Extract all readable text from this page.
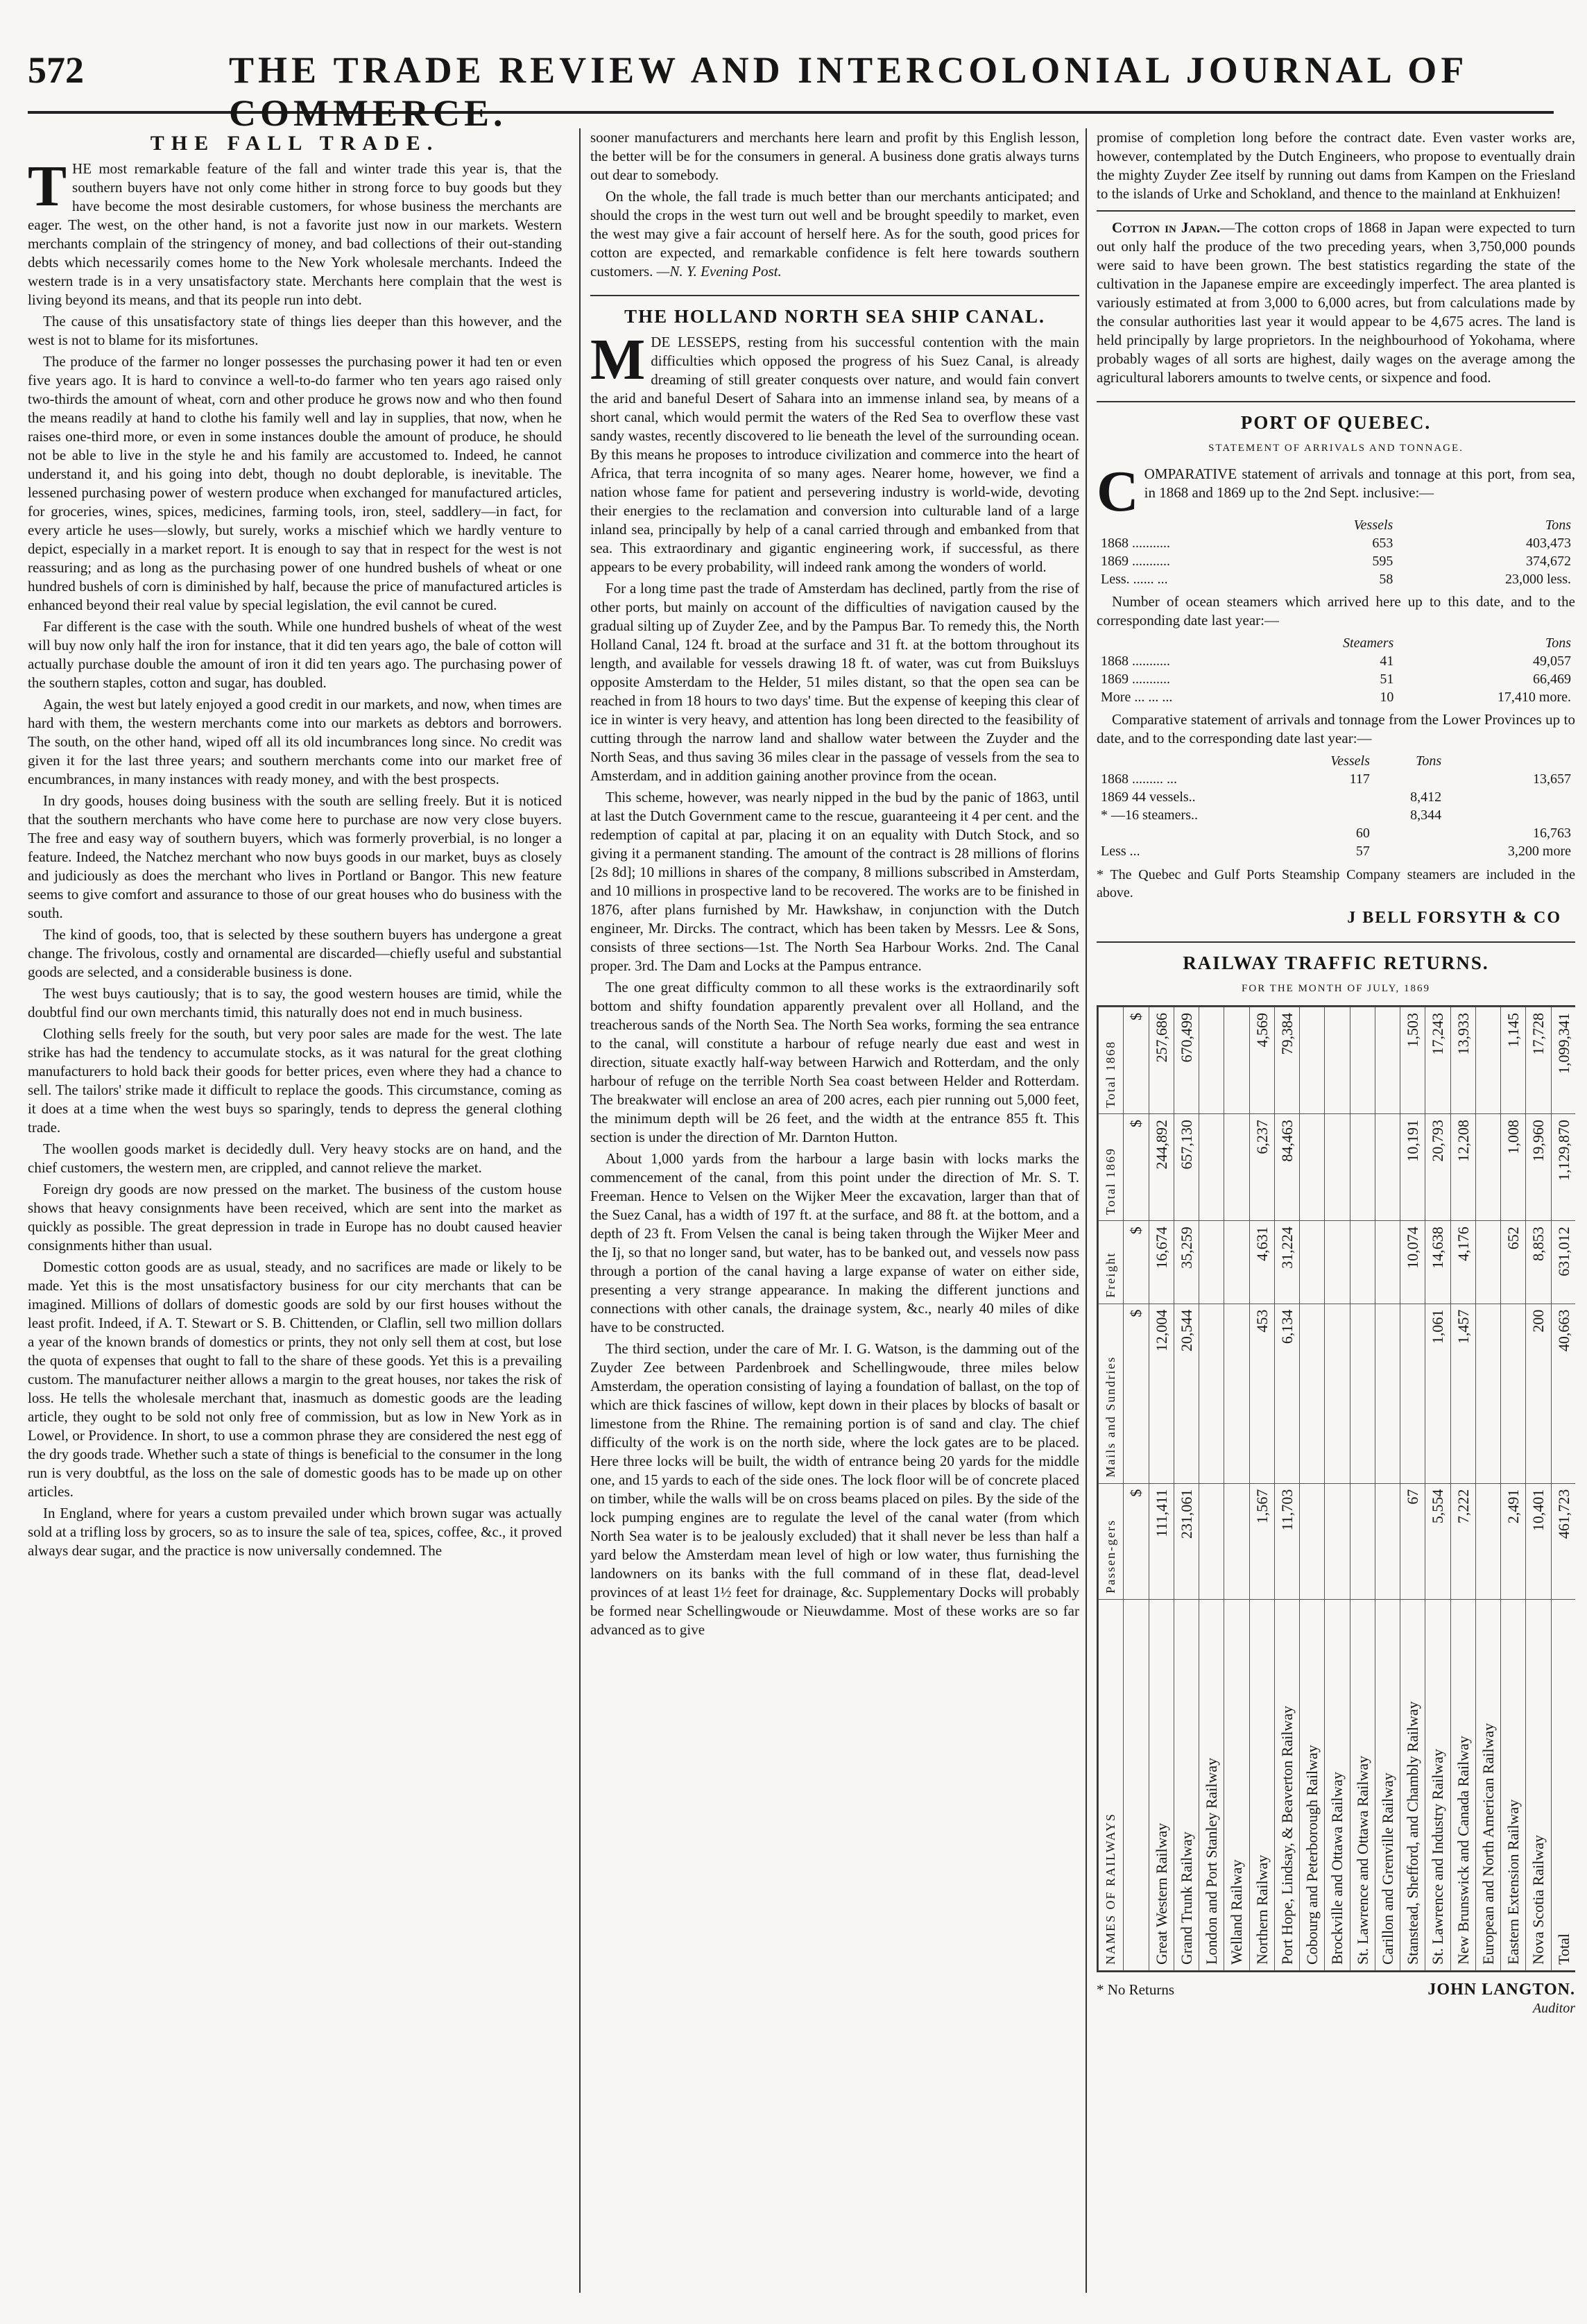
572	THE TRADE REVIEW AND INTERCOLONIAL JOURNAL OF COMMERCE.
THE FALL TRADE.

THE most remarkable feature of the fall and winter trade this year is, that the southern buyers have not only come hither in strong force to buy goods but they have become the most desirable customers, for whose business the merchants are eager. The west, on the other hand, is not a favorite just now in our markets. Western merchants complain of the stringency of money, and bad collections of their out-standing debts which necessarily comes home to the New York wholesale merchants. Indeed the western trade is in a very unsatisfactory state. Merchants here complain that the west is living beyond its means, and that its people run into debt.

The cause of this unsatisfactory state of things lies deeper than this however, and the west is not to blame for its misfortunes.

The produce of the farmer no longer possesses the purchasing power it had ten or even five years ago. It is hard to convince a well-to-do farmer who ten years ago raised only two-thirds the amount of wheat, corn and other produce he grows now and who then found the means readily at hand to clothe his family well and lay in supplies, that now, when he raises one-third more, or even in some instances double the amount of produce, he should not be able to live in the style he and his family are accustomed to. Indeed, he cannot understand it, and his going into debt, though no doubt deplorable, is inevitable. The lessened purchasing power of western produce when exchanged for manufactured articles, for groceries, wines, spices, medicines, farming tools, iron, steel, saddlery—in fact, for every article he uses—slowly, but surely, works a mischief which we hardly venture to depict, especially in a market report. It is enough to say that in respect for the west is not reassuring; and as long as the purchasing power of one hundred bushels of wheat or one hundred bushels of corn is diminished by half, because the price of manufactured articles is enhanced beyond their real value by special legislation, the evil cannot be cured.

Far different is the case with the south. While one hundred bushels of wheat of the west will buy now only half the iron for instance, that it did ten years ago, the bale of cotton will actually purchase double the amount of iron it did ten years ago. The purchasing power of the southern staples, cotton and sugar, has doubled.

Again, the west but lately enjoyed a good credit in our markets, and now, when times are hard with them, the western merchants come into our markets as debtors and borrowers. The south, on the other hand, wiped off all its old incumbrances long since. No credit was given it for the last three years; and southern merchants come into our market free of encumbrances, in many instances with ready money, and with the best prospects.

In dry goods, houses doing business with the south are selling freely. But it is noticed that the southern merchants who have come here to purchase are now very close buyers. The free and easy way of southern buyers, which was formerly proverbial, is no longer a feature. Indeed, the Natchez merchant who now buys goods in our market, buys as closely and judiciously as does the merchant who lives in Portland or Bangor. This new feature seems to give comfort and assurance to those of our great houses who do business with the south.

The kind of goods, too, that is selected by these southern buyers has undergone a great change. The frivolous, costly and ornamental are discarded—chiefly useful and substantial goods are selected, and a considerable business is done.

The west buys cautiously; that is to say, the good western houses are timid, while the doubtful find our own merchants timid, this naturally does not end in much business.

Clothing sells freely for the south, but very poor sales are made for the west. The late strike has had the tendency to accumulate stocks, as it was natural for the great clothing manufacturers to hold back their goods for better prices, even where they had a chance to sell. The tailors' strike made it difficult to replace the goods. This circumstance, coming as it does at a time when the west buys so sparingly, tends to depress the general clothing trade.

The woollen goods market is decidedly dull. Very heavy stocks are on hand, and the chief customers, the western men, are crippled, and cannot relieve the market.

Foreign dry goods are now pressed on the market. The business of the custom house shows that heavy consignments have been received, which are sent into the market as quickly as possible. The great depression in trade in Europe has no doubt caused heavier consignments hither than usual.

Domestic cotton goods are as usual, steady, and no sacrifices are made or likely to be made. Yet this is the most unsatisfactory business for our city merchants that can be imagined. Millions of dollars of domestic goods are sold by our first houses without the least profit. Indeed, if A. T. Stewart or S. B. Chittenden, or Claflin, sell two million dollars a year of the known brands of domestics or prints, they not only sell them at cost, but lose the quota of expenses that ought to fall to the share of these goods. Yet this is a prevailing custom. The manufacturer neither allows a margin to the great houses, nor takes the risk of loss. He tells the wholesale merchant that, inasmuch as domestic goods are the leading article, they ought to be sold not only free of commission, but as low in New York as in Lowel, or Providence. In short, to use a common phrase they are considered the nest egg of the dry goods trade. Whether such a state of things is beneficial to the consumer in the long run is very doubtful, as the loss on the sale of domestic goods has to be made up on other articles.

In England, where for years a custom prevailed under which brown sugar was actually sold at a trifling loss by grocers, so as to insure the sale of tea, spices, coffee, &c., it proved always dear sugar, and the practice is now universally condemned. The

sooner manufacturers and merchants here learn and profit by this English lesson, the better will be for the consumers in general. A business done gratis always turns out dear to somebody.

On the whole, the fall trade is much better than our merchants anticipated; and should the crops in the west turn out well and be brought speedily to market, even the west may give a fair account of herself here. As for the south, good prices for cotton are expected, and remarkable confidence is felt here towards southern customers. —N. Y. Evening Post.

THE HOLLAND NORTH SEA SHIP CANAL.

MDE LESSEPS, resting from his successful contention with the main difficulties which opposed the progress of his Suez Canal, is already dreaming of still greater conquests over nature, and would fain convert the arid and baneful Desert of Sahara into an immense inland sea, by means of a short canal, which would permit the waters of the Red Sea to overflow these vast sandy wastes, recently discovered to lie beneath the level of the surrounding ocean. By this means he proposes to introduce civilization and commerce into the heart of Africa, that terra incognita of so many ages. Nearer home, however, we find a nation whose fame for patient and persevering industry is world-wide, devoting their energies to the reclamation and conversion into culturable land of a large inland sea, principally by help of a canal carried through and embanked from that sea. This extraordinary and gigantic engineering work, if successful, as there appears to be every probability, will indeed rank among the wonders of world.

For a long time past the trade of Amsterdam has declined, partly from the rise of other ports, but mainly on account of the difficulties of navigation caused by the gradual silting up of Zuyder Zee, and by the Pampus Bar. To remedy this, the North Holland Canal, 124 ft. broad at the surface and 31 ft. at the bottom throughout its length, and available for vessels drawing 18 ft. of water, was cut from Buiksluys opposite Amsterdam to the Helder, 51 miles distant, so that the open sea can be reached in from 18 hours to two days' time. But the expense of keeping this clear of ice in winter is very heavy, and attention has long been directed to the feasibility of cutting through the narrow land and shallow water between the Zuyder and the North Seas, and thus saving 36 miles clear in the passage of vessels from the sea to Amsterdam, and in addition gaining another province from the ocean.

This scheme, however, was nearly nipped in the bud by the panic of 1863, until at last the Dutch Government came to the rescue, guaranteeing it 4 per cent. and the redemption of capital at par, placing it on an equality with Dutch Stock, and so giving it a permanent standing. The amount of the contract is 28 millions of florins [2s 8d]; 10 millions in shares of the company, 8 millions subscribed in Amsterdam, and 10 millions in prospective land to be recovered. The works are to be finished in 1876, after plans furnished by Mr. Hawkshaw, in conjunction with the Dutch engineer, Mr. Dircks. The contract, which has been taken by Messrs. Lee & Sons, consists of three sections—1st. The North Sea Harbour Works. 2nd. The Canal proper. 3rd. The Dam and Locks at the Pampus entrance.

The one great difficulty common to all these works is the extraordinarily soft bottom and shifty foundation apparently prevalent over all Holland, and the treacherous sands of the North Sea. The North Sea works, forming the sea entrance to the canal, will constitute a harbour of refuge nearly due east and west in direction, situate exactly half-way between Harwich and Rotterdam, and the only harbour of refuge on the terrible North Sea coast between Helder and Rotterdam. The breakwater will enclose an area of 200 acres, each pier running out 5,000 feet, the minimum depth will be 26 feet, and the width at the entrance 855 ft. This section is under the direction of Mr. Darnton Hutton.

About 1,000 yards from the harbour a large basin with locks marks the commencement of the canal, from this point under the direction of Mr. S. T. Freeman. Hence to Velsen on the Wijker Meer the excavation, larger than that of the Suez Canal, has a width of 197 ft. at the surface, and 88 ft. at the bottom, and a depth of 23 ft. From Velsen the canal is being taken through the Wijker Meer and the Ij, so that no longer sand, but water, has to be banked out, and vessels now pass through a portion of the canal having a large expanse of water on either side, presenting a very strange appearance. In making the different junctions and connections with other canals, the drainage system, &c., nearly 40 miles of dike have to be constructed.

The third section, under the care of Mr. I. G. Watson, is the damming out of the Zuyder Zee between Pardenbroek and Schellingwoude, three miles below Amsterdam, the operation consisting of laying a foundation of ballast, on the top of which are thick fascines of willow, kept down in their places by blocks of basalt or limestone from the Rhine. The remaining portion is of sand and clay. The chief difficulty of the work is on the north side, where the lock gates are to be placed. Here three locks will be built, the width of entrance being 20 yards for the middle one, and 15 yards to each of the side ones. The lock floor will be of concrete placed on timber, while the walls will be on cross beams placed on piles. By the side of the lock pumping engines are to regulate the level of the canal water (from which North Sea water is to be jealously excluded) that it shall never be less than half a yard below the Amsterdam mean level of high or low water, thus furnishing the landowners on its banks with the full command of in these flat, dead-level provinces of at least 1½ feet for drainage, &c. Supplementary Docks will probably be formed near Schellingwoude or Nieuwdamme. Most of these works are so far advanced as to give

promise of completion long before the contract date. Even vaster works are, however, contemplated by the Dutch Engineers, who propose to eventually drain the mighty Zuyder Zee itself by running out dams from Kampen on the Friesland to the islands of Urke and Schokland, and thence to the mainland at Enkhuizen!

Cotton in Japan.—The cotton crops of 1868 in Japan were expected to turn out only half the produce of the two preceding years, when 3,750,000 pounds were said to have been grown. The best statistics regarding the state of the cultivation in the Japanese empire are exceedingly imperfect. The area planted is variously estimated at from 3,000 to 6,000 acres, but from calculations made by the consular authorities last year it would appear to be 4,675 acres. The land is held principally by large proprietors. In the neighbourhood of Yokohama, where probably wages of all sorts are highest, daily wages on the average among the agricultural laborers amounts to twelve cents, or sixpence and food.

PORT OF QUEBEC.
STATEMENT OF ARRIVALS AND TONNAGE.

COMPARATIVE statement of arrivals and tonnage at this port, from sea, in 1868 and 1869 up to the 2nd Sept. inclusive:—

	Vessels	Tons
1868 ...........	653	403,473
1869 ...........	595	374,672
Less. ...... ...	58	23,000 less.

Number of ocean steamers which arrived here up to this date, and to the corresponding date last year:—

	Steamers	Tons
1868 ...........	41	49,057
1869 ...........	51	66,469
More ... ... ...	10	17,410 more.

Comparative statement of arrivals and tonnage from the Lower Provinces up to date, and to the corresponding date last year:—

	Vessels	Tons	
1868 ......... ...	117		13,657
1869 44 vessels..		8,412	
* —16 steamers..		8,344	
	60		16,763
Less ...	57		3,200 more
* The Quebec and Gulf Ports Steamship Company steamers are included in the above.
J BELL FORSYTH & CO
RAILWAY TRAFFIC RETURNS.
FOR THE MONTH OF JULY, 1869
NAMES OF RAILWAYS	Passen-gers	Mails and Sundries	Freight	Total 1869	Total 1868
	$	$	$	$	$
Great Western Railway	111,411	12,004	16,674	244,892	257,686
Grand Trunk Railway	231,061	20,544	35,259	657,130	670,499
London and Port Stanley Railway					
Welland Railway					
Northern Railway	1,567	453	4,631	6,237	4,569
Port Hope, Lindsay, & Beaverton Railway	11,703	6,134	31,224	84,463	79,384
Cobourg and Peterborough Railway					
Brockville and Ottawa Railway					
St. Lawrence and Ottawa Railway					
Carillon and Grenville Railway					
Stanstead, Shefford, and Chambly Railway	67		10,074	10,191	1,503
St. Lawrence and Industry Railway	5,554	1,061	14,638	20,793	17,243
New Brunswick and Canada Railway	7,222	1,457	4,176	12,208	13,933
European and North American Railway					
Eastern Extension Railway	2,491		652	1,008	1,145
Nova Scotia Railway	10,401	200	8,853	19,960	17,728
Total	461,723	40,663	631,012	1,129,870	1,099,341
* No Returns	JOHN LANGTON.
Auditor
